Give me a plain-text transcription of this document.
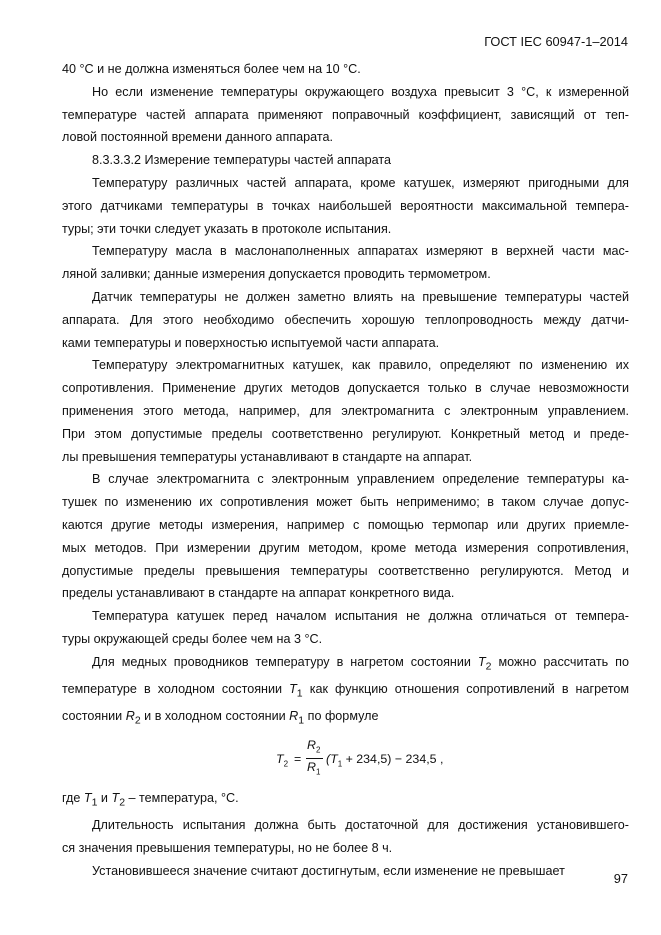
ГОСТ IEC 60947-1–2014

40 °С и не должна изменяться более чем на 10 °С.

Но если изменение температуры окружающего воздуха превысит 3 °С, к измеренной

температуре частей аппарата применяют поправочный коэффициент, зависящий от теп-

ловой постоянной времени данного аппарата.

8.3.3.3.2 Измерение температуры частей аппарата

Температуру различных частей аппарата, кроме катушек, измеряют пригодными для

этого датчиками температуры в точках наибольшей вероятности максимальной темпера-

туры; эти точки следует указать в протоколе испытания.

Температуру масла в маслонаполненных аппаратах измеряют в верхней части мас-

ляной заливки; данные измерения допускается проводить термометром.

Датчик температуры не должен заметно влиять на превышение температуры частей

аппарата. Для этого необходимо обеспечить хорошую теплопроводность между датчи-

ками температуры и поверхностью испытуемой части аппарата.

Температуру электромагнитных катушек, как правило, определяют по изменению их

сопротивления. Применение других методов допускается только в случае невозможности

применения этого метода, например, для электромагнита с электронным управлением.

При этом допустимые пределы соответственно регулируют. Конкретный метод и преде-

лы превышения температуры устанавливают в стандарте на аппарат.

В случае электромагнита с электронным управлением определение температуры ка-

тушек по изменению их сопротивления может быть неприменимо; в таком случае допус-

каются другие методы измерения, например с помощью термопар или других приемле-

мых методов. При измерении другим методом, кроме метода измерения сопротивления,

допустимые пределы превышения температуры соответственно регулируются. Метод и

пределы устанавливают в стандарте на аппарат конкретного вида.

Температура катушек перед началом испытания не должна отличаться от темпера-

туры окружающей среды более чем на 3 °С.

Для медных проводников температуру в нагретом состоянии $T_2$ можно рассчитать по

температуре в холодном состоянии $T_1$ как функцию отношения сопротивлений в нагретом

состоянии $R_2$ и в холодном состоянии $R_1$ по формуле

$T_2$ =
$R_2$
$R_1$
$(T_1 + 234,5) - 234,5$ ,

где $T_1$ и $T_2$ – температура, °С.

Длительность испытания должна быть достаточной для достижения установившего-

ся значения превышения температуры, но не более 8 ч.

Установившееся значение считают достигнутым, если изменение не превышает

97
